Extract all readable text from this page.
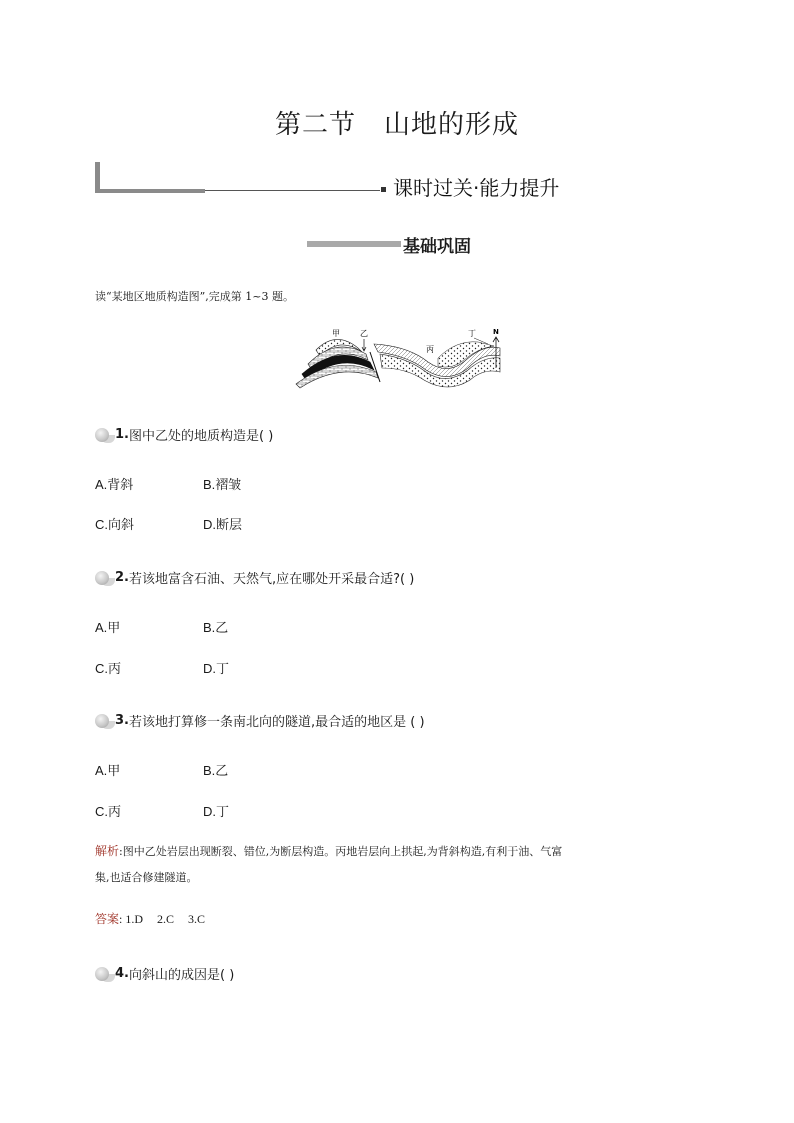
第二节 山地的形成
课时过关·能力提升
基础巩固
读“某地区地质构造图”,完成第 1~3 题。
甲	乙
丙
丁 N
1. 图中乙处的地质构造是( )
A.背斜	B.褶皱
C.向斜	D.断层
2. 若该地富含石油、天然气,应在哪处开采最合适?( )
A.甲	B.乙
C.丙	D.丁
3. 若该地打算修一条南北向的隧道,最合适的地区是 ( )
A.甲	B.乙
C.丙	D.丁
解析:图中乙处岩层出现断裂、错位,为断层构造。丙地岩层向上拱起,为背斜构造,有利于油、气富
集,也适合修建隧道。
答案: 1.D 2.C 3.C
4. 向斜山的成因是( )
